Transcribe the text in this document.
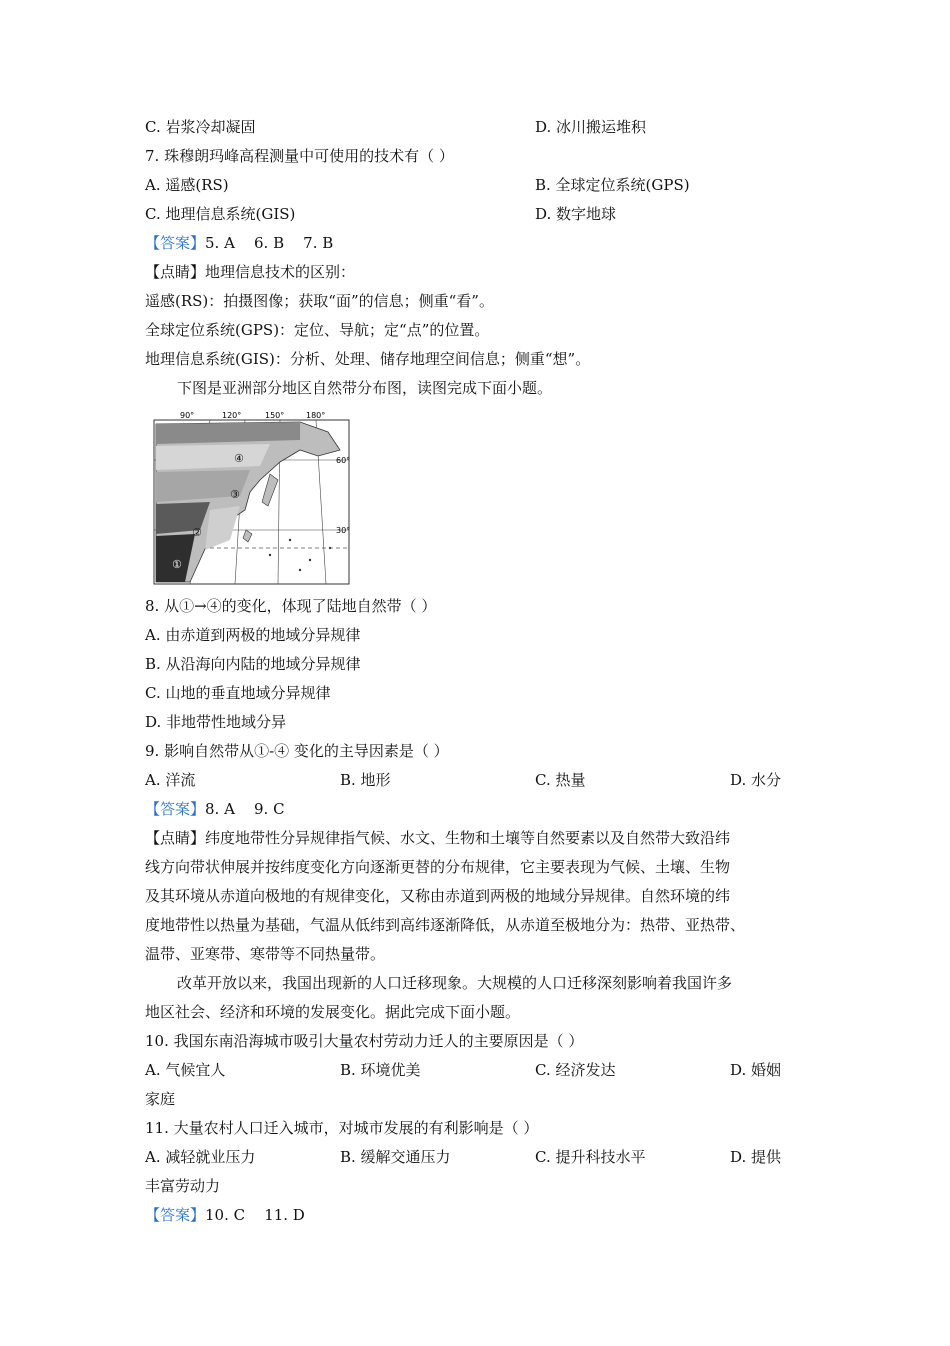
C. 岩浆冷却凝固	D. 冰川搬运堆积
7. 珠穆朗玛峰高程测量中可使用的技术有（ ）
A. 遥感(RS)	B. 全球定位系统(GPS)
C. 地理信息系统(GIS)	D. 数字地球
【答案】5. A    6. B    7. B
【点睛】地理信息技术的区别：
遥感(RS)：拍摄图像；获取“面”的信息；侧重“看”。
全球定位系统(GPS)：定位、导航；定“点”的位置。
地理信息系统(GIS)：分析、处理、储存地理空间信息；侧重“想”。
下图是亚洲部分地区自然带分布图，读图完成下面小题。
90°	120°	150°	180°
60°
30°
①
②
③
④
8. 从①→④的变化，体现了陆地自然带（ ）
A. 由赤道到两极的地域分异规律
B. 从沿海向内陆的地域分异规律
C. 山地的垂直地域分异规律
D. 非地带性地域分异
9. 影响自然带从①-④ 变化的主导因素是（ ）
A. 洋流	B. 地形	C. 热量	D. 水分
【答案】8. A    9. C
【点睛】纬度地带性分异规律指气候、水文、生物和土壤等自然要素以及自然带大致沿纬
线方向带状伸展并按纬度变化方向逐渐更替的分布规律，它主要表现为气候、土壤、生物
及其环境从赤道向极地的有规律变化，又称由赤道到两极的地域分异规律。自然环境的纬
度地带性以热量为基础，气温从低纬到高纬逐渐降低，从赤道至极地分为：热带、亚热带、
温带、亚寒带、寒带等不同热量带。
改革开放以来，我国出现新的人口迁移现象。大规模的人口迁移深刻影响着我国许多
地区社会、经济和环境的发展变化。据此完成下面小题。
10. 我国东南沿海城市吸引大量农村劳动力迁人的主要原因是（ ）
A. 气候宜人	B. 环境优美	C. 经济发达	D. 婚姻
家庭
11. 大量农村人口迁入城市，对城市发展的有利影响是（ ）
A. 减轻就业压力	B. 缓解交通压力	C. 提升科技水平	D. 提供
丰富劳动力
【答案】10. C    11. D
